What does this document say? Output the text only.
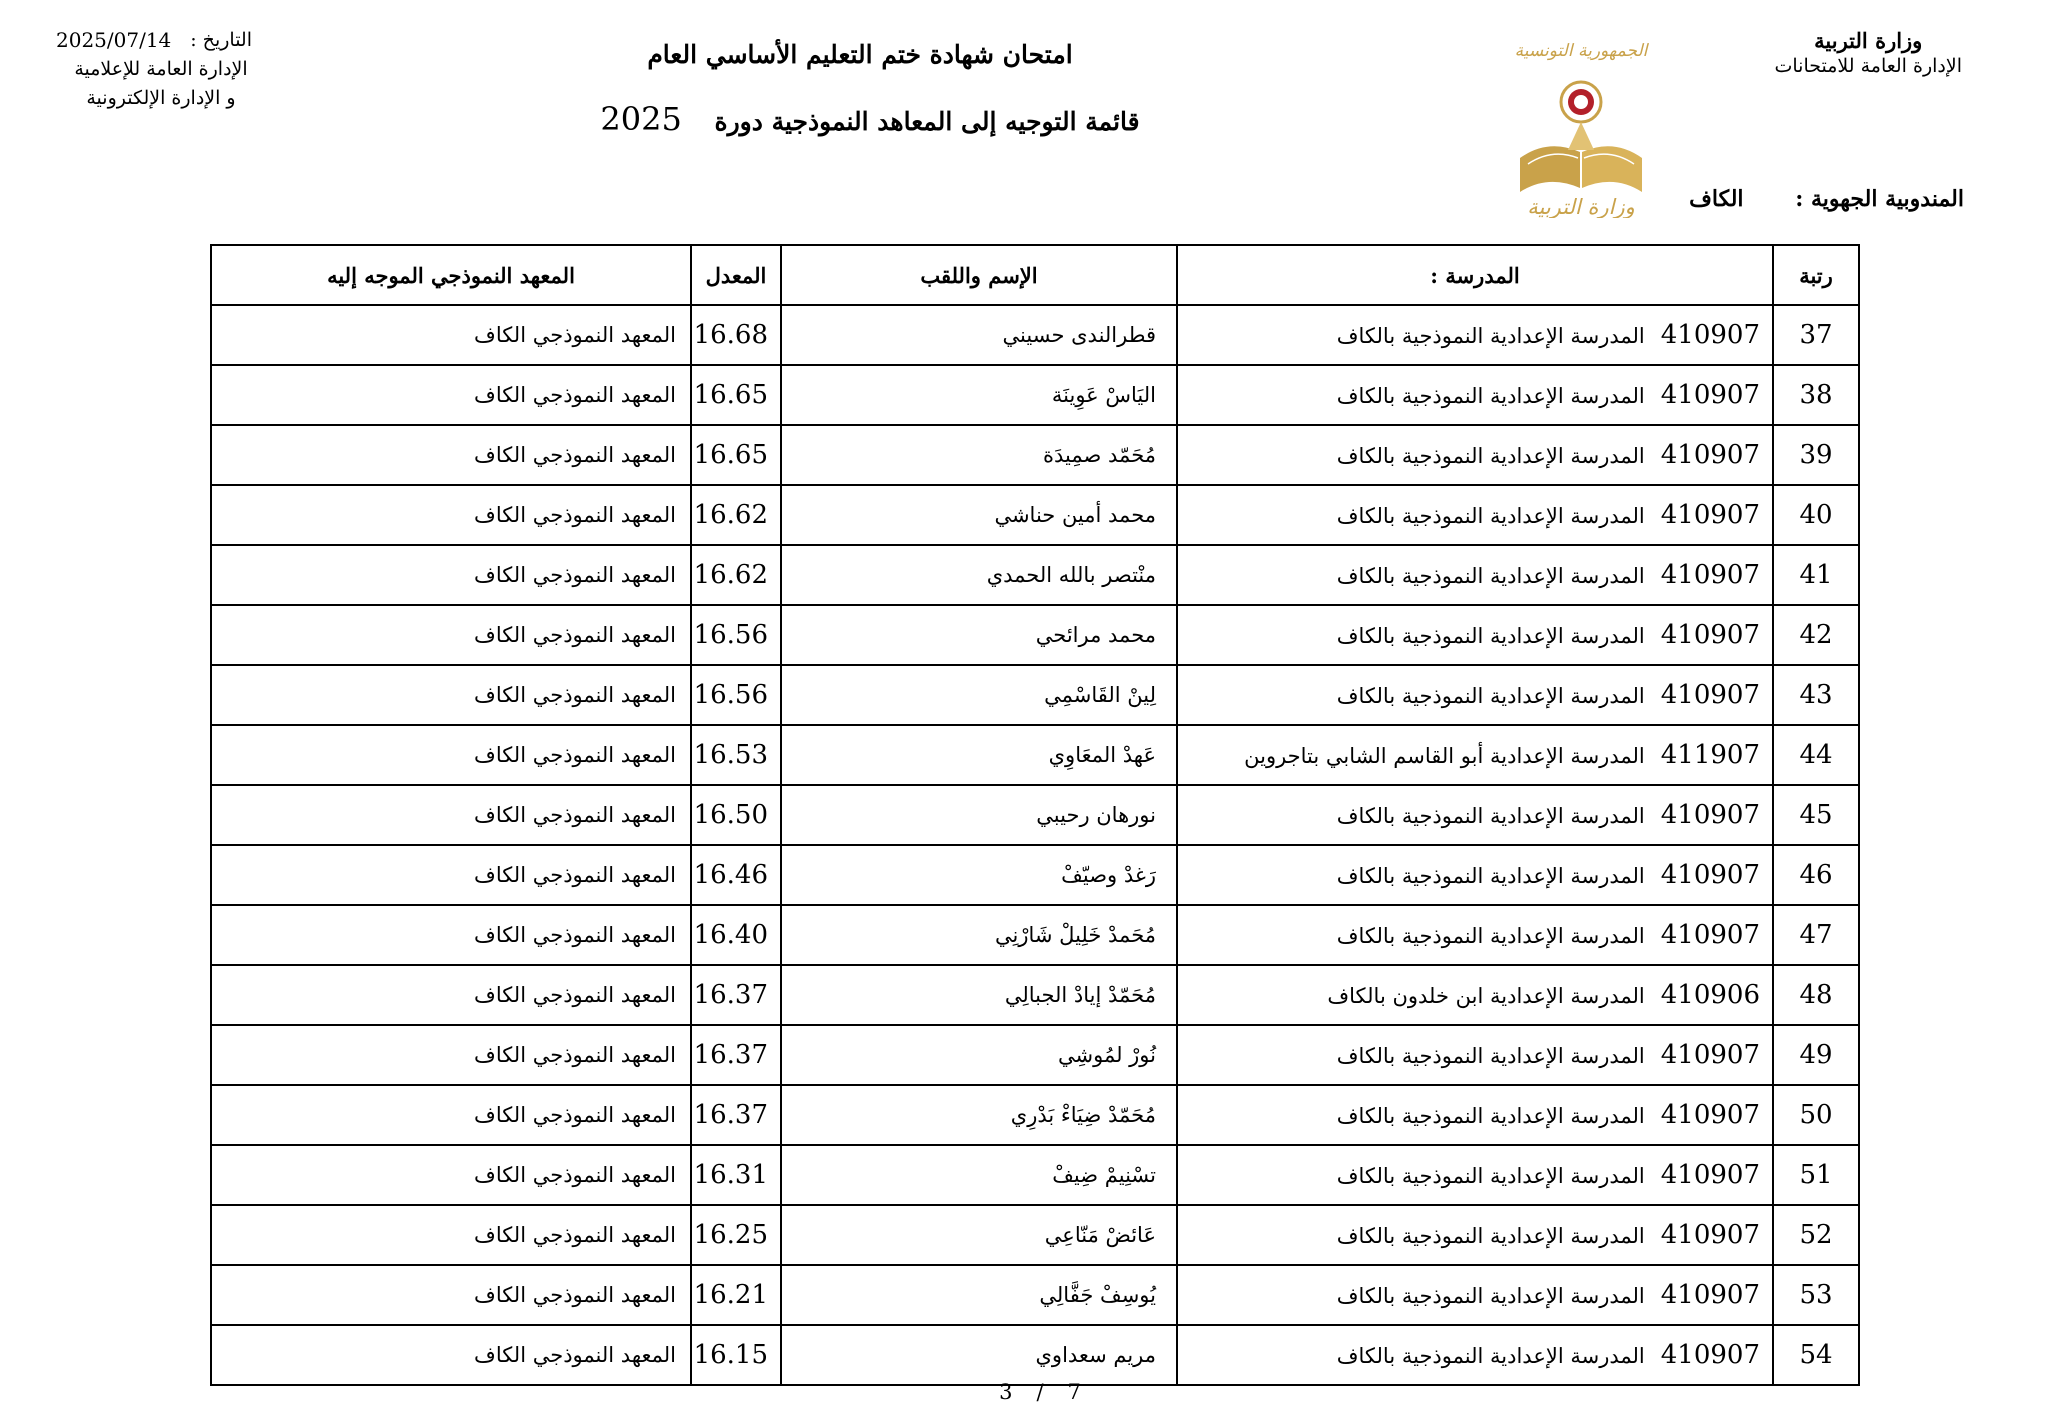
وزارة التربية
الإدارة العامة للامتحانات
الجمهورية التونسية
وزارة التربية
امتحان شهادة ختم التعليم الأساسي العام
قائمة التوجيه إلى المعاهد النموذجية دورة 2025
التاريخ :
2025/07/14
الإدارة العامة للإعلامية
و الإدارة الإلكترونية
المندوبية الجهوية : الكاف
رتبة	المدرسة :	الإسم واللقب	المعدل	المعهد النموذجي الموجه إليه
37	410907المدرسة الإعدادية النموذجية بالكاف	قطرالندى حسيني	16.68	المعهد النموذجي الكاف
38	410907المدرسة الإعدادية النموذجية بالكاف	اليَاسْ عَوِينَة	16.65	المعهد النموذجي الكاف
39	410907المدرسة الإعدادية النموذجية بالكاف	مُحَمّد صمِيدَة	16.65	المعهد النموذجي الكاف
40	410907المدرسة الإعدادية النموذجية بالكاف	محمد أمين حناشي	16.62	المعهد النموذجي الكاف
41	410907المدرسة الإعدادية النموذجية بالكاف	منْتصر بالله الحمدي	16.62	المعهد النموذجي الكاف
42	410907المدرسة الإعدادية النموذجية بالكاف	محمد مرائحي	16.56	المعهد النموذجي الكاف
43	410907المدرسة الإعدادية النموذجية بالكاف	لِينْ القَاسْمِي	16.56	المعهد النموذجي الكاف
44	411907المدرسة الإعدادية أبو القاسم الشابي بتاجروين	عَهدْ المعَاوِي	16.53	المعهد النموذجي الكاف
45	410907المدرسة الإعدادية النموذجية بالكاف	نورهان رحيبي	16.50	المعهد النموذجي الكاف
46	410907المدرسة الإعدادية النموذجية بالكاف	رَغدْ وصيّفْ	16.46	المعهد النموذجي الكاف
47	410907المدرسة الإعدادية النموذجية بالكاف	مُحَمدْ خَلِيلْ شَارْنِي	16.40	المعهد النموذجي الكاف
48	410906المدرسة الإعدادية ابن خلدون بالكاف	مُحَمّدْ إيادْ الجبالِي	16.37	المعهد النموذجي الكاف
49	410907المدرسة الإعدادية النموذجية بالكاف	نُورْ لمُوشِي	16.37	المعهد النموذجي الكاف
50	410907المدرسة الإعدادية النموذجية بالكاف	مُحَمّدْ ضِيَاءْ بَدْرِي	16.37	المعهد النموذجي الكاف
51	410907المدرسة الإعدادية النموذجية بالكاف	تسْنِيمْ ضِيفْ	16.31	المعهد النموذجي الكاف
52	410907المدرسة الإعدادية النموذجية بالكاف	عَائضْ مَنّاعِي	16.25	المعهد النموذجي الكاف
53	410907المدرسة الإعدادية النموذجية بالكاف	يُوسِفْ جَفَّالِي	16.21	المعهد النموذجي الكاف
54	410907المدرسة الإعدادية النموذجية بالكاف	مريم سعداوي	16.15	المعهد النموذجي الكاف
3 / 7
